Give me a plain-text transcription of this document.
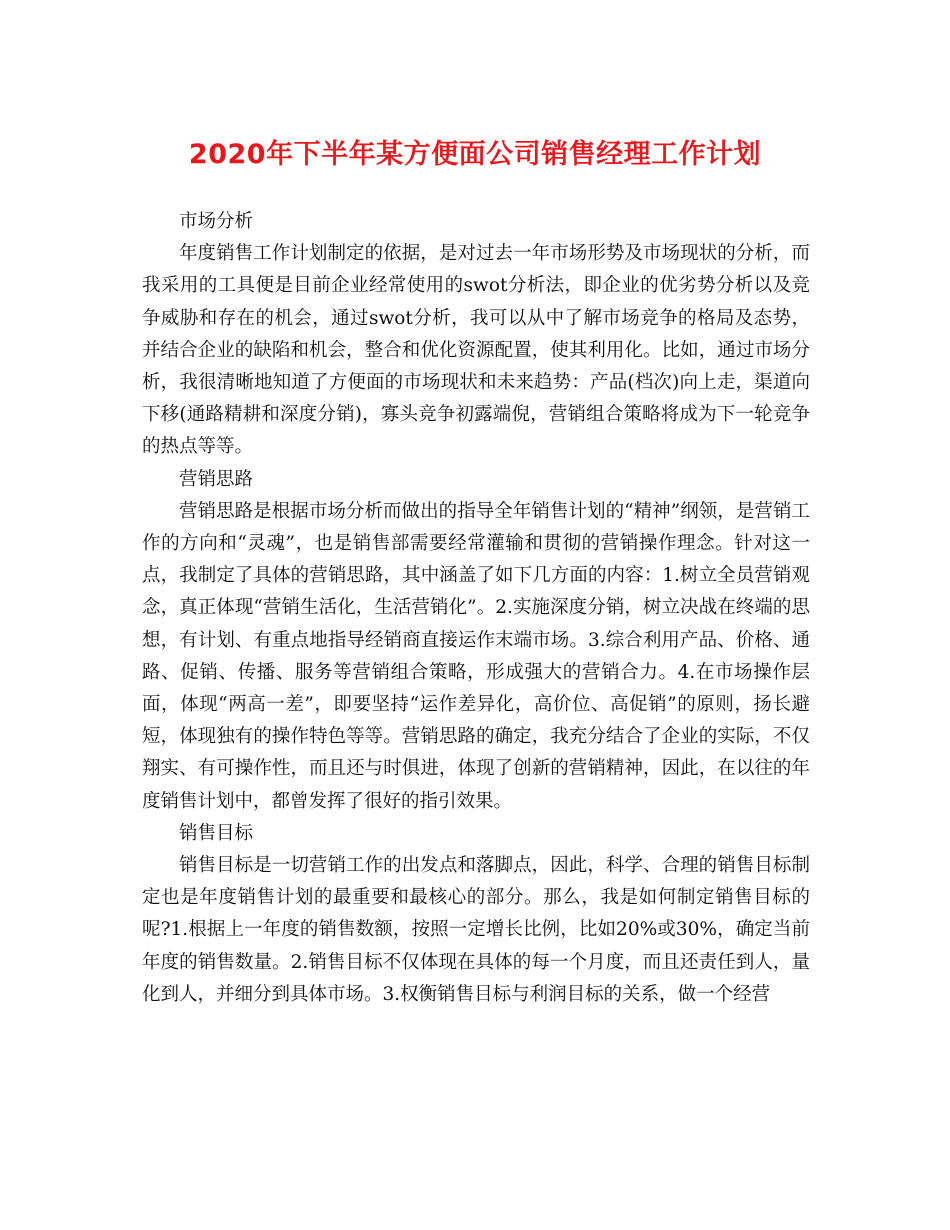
2020年下半年某方便面公司销售经理工作计划

市场分析

年度销售工作计划制定的依据，是对过去一年市场形势及市场现状的分析，而我采用的工具便是目前企业经常使用的swot分析法，即企业的优劣势分析以及竞争威胁和存在的机会，通过swot分析，我可以从中了解市场竞争的格局及态势，并结合企业的缺陷和机会，整合和优化资源配置，使其利用化。比如，通过市场分析，我很清晰地知道了方便面的市场现状和未来趋势：产品(档次)向上走，渠道向下移(通路精耕和深度分销)，寡头竞争初露端倪，营销组合策略将成为下一轮竞争的热点等等。

营销思路

营销思路是根据市场分析而做出的指导全年销售计划的“精神”纲领，是营销工作的方向和“灵魂”，也是销售部需要经常灌输和贯彻的营销操作理念。针对这一点，我制定了具体的营销思路，其中涵盖了如下几方面的内容：1.树立全员营销观念，真正体现“营销生活化，生活营销化”。2.实施深度分销，树立决战在终端的思想，有计划、有重点地指导经销商直接运作末端市场。3.综合利用产品、价格、通路、促销、传播、服务等营销组合策略，形成强大的营销合力。4.在市场操作层面，体现“两高一差”，即要坚持“运作差异化，高价位、高促销”的原则，扬长避短，体现独有的操作特色等等。营销思路的确定，我充分结合了企业的实际，不仅翔实、有可操作性，而且还与时俱进，体现了创新的营销精神，因此，在以往的年度销售计划中，都曾发挥了很好的指引效果。

销售目标

销售目标是一切营销工作的出发点和落脚点，因此，科学、合理的销售目标制定也是年度销售计划的最重要和最核心的部分。那么，我是如何制定销售目标的呢?1.根据上一年度的销售数额，按照一定增长比例，比如20%或30%，确定当前年度的销售数量。2.销售目标不仅体现在具体的每一个月度，而且还责任到人，量化到人，并细分到具体市场。3.权衡销售目标与利润目标的关系，做一个经营
